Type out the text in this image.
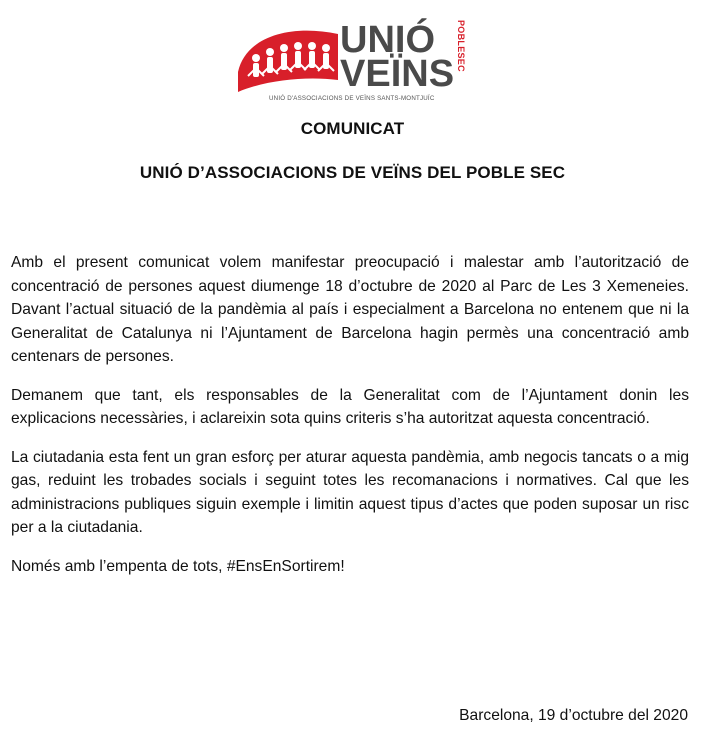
UNIÓ
VEÏNS
POBLESEC
UNIÓ D'ASSOCIACIONS DE VEÏNS SANTS-MONTJUÏC
COMUNICAT
UNIÓ D’ASSOCIACIONS DE VEÏNS DEL POBLE SEC

Amb el present comunicat volem manifestar preocupació i malestar amb l’autorització de concentració de persones aquest diumenge 18 d’octubre de 2020 al Parc de Les 3 Xemeneies. Davant l’actual situació de la pandèmia al país i especialment a Barcelona no entenem que ni la Generalitat de Catalunya ni l’Ajuntament de Barcelona hagin permès una concentració amb centenars de persones.

Demanem que tant, els responsables de la Generalitat com de l’Ajuntament donin les explicacions necessàries, i aclareixin sota quins criteris s’ha autoritzat aquesta concentració.

La ciutadania esta fent un gran esforç per aturar aquesta pandèmia, amb negocis tancats o a mig gas, reduint les trobades socials i seguint totes les recomanacions i normatives. Cal que les administracions publiques siguin exemple i limitin aquest tipus d’actes que poden suposar un risc per a la ciutadania.

Només amb l’empenta de tots, #EnsEnSortirem!

Barcelona, 19 d’octubre del 2020
